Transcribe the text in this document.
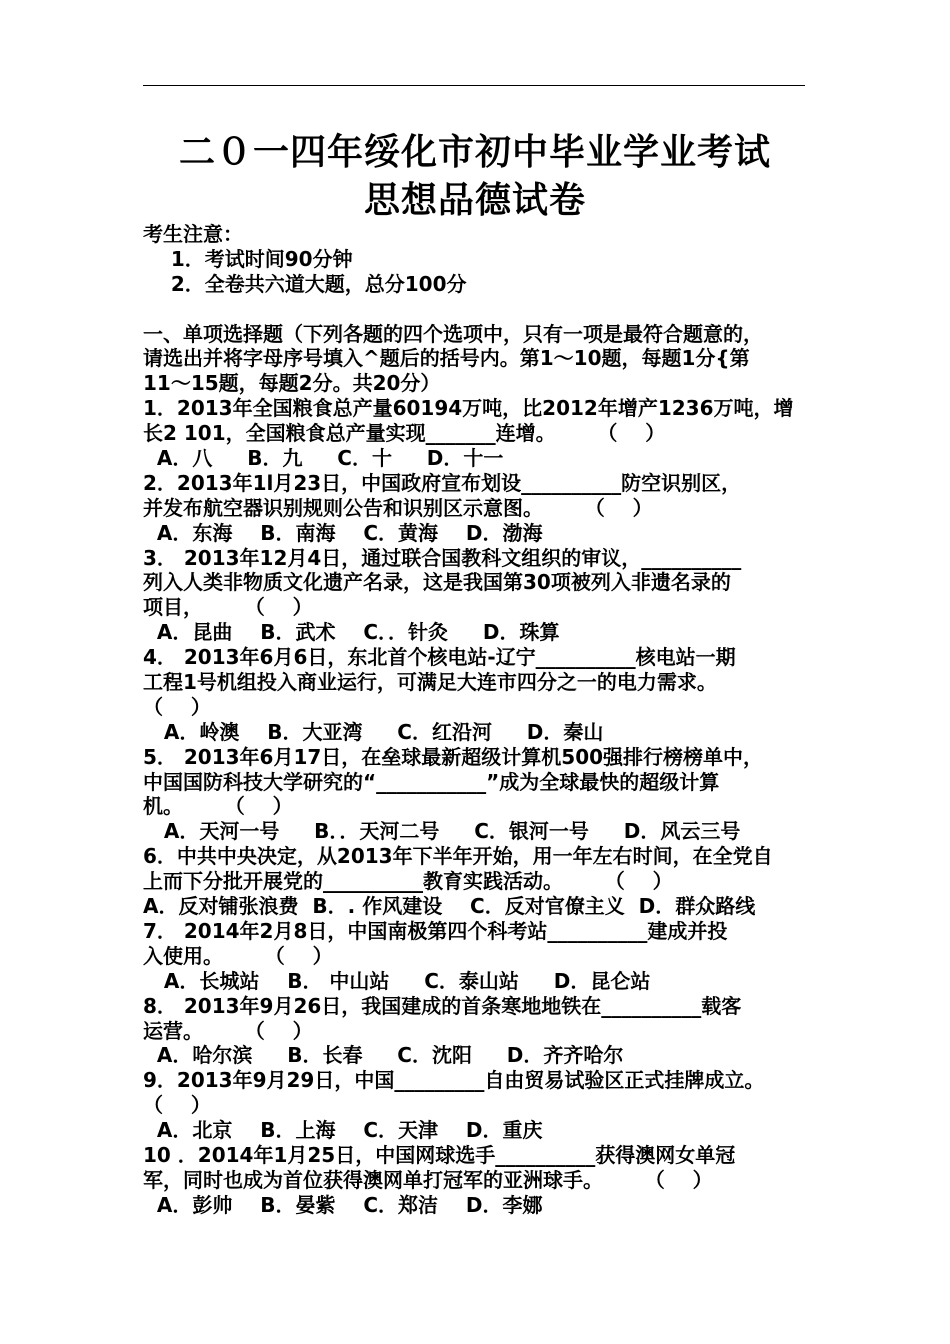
二０一四年绥化市初中毕业学业考试
思想品德试卷
考生注意：
1．考试时间90分钟
2．全卷共六道大题，总分100分
一、单项选择题（下列各题的四个选项中，只有一项是最符合题意的，
请选出并将字母序号填入^题后的括号内。第1～10题，每题1分{第
11～15题，每题2分。共20分）
1．2013年全国粮食总产量60194万吨，比2012年增产1236万吨，增
长2 101，全国粮食总产量实现_______连增。      （    ）
A．八     B．九     C．十     D．十一
2．2013年1l月23日，中国政府宣布划设__________防空识别区，
并发布航空器识别规则公告和识别区示意图。      （    ）
A．东海    B．南海    C．黄海    D．渤海
3． 2013年12月4日，通过联合国教科文组织的审议，__________
列入人类非物质文化遗产名录，这是我国第30项被列入非遗名录的
项目，      （    ）
A．昆曲    B．武术    C．．针灸     D．珠算
4． 2013年6月6日，东北首个核电站-辽宁__________核电站一期
工程1号机组投入商业运行，可满足大连市四分之一的电力需求。
（    ）
A．岭澳    B．大亚湾     C．红沿河     D．秦山
5． 2013年6月17日，在垒球最新超级计算机500强排行榜榜单中，
中国国防科技大学研究的“___________”成为全球最快的超级计算
机。      （    ）
A．天河一号     B．．天河二号     C．银河一号     D．风云三号
6．中共中央决定，从2013年下半年开始，用一年左右时间，在全党自
上而下分批开展党的__________教育实践活动。      （    ）
A．反对铺张浪费  B．. 作风建设    C．反对官僚主义  D．群众路线
7． 2014年2月8日，中国南极第四个科考站__________建成并投
入使用。      （    ）
A．长城站    B． 中山站     C．泰山站     D．昆仑站
8． 2013年9月26日，我国建成的首条寒地地铁在__________载客
运营。      （    ）
A．哈尔滨     B．长春     C．沈阳     D．齐齐哈尔
9．2013年9月29日，中国_________自由贸易试验区正式挂牌成立。
（    ）
A．北京    B．上海    C．天津    D．重庆
10 ．2014年1月25日，中国网球选手__________获得澳网女单冠
军，同时也成为首位获得澳网单打冠军的亚洲球手。      （    ）
A．彭帅    B．晏紫    C．郑洁    D．李娜
